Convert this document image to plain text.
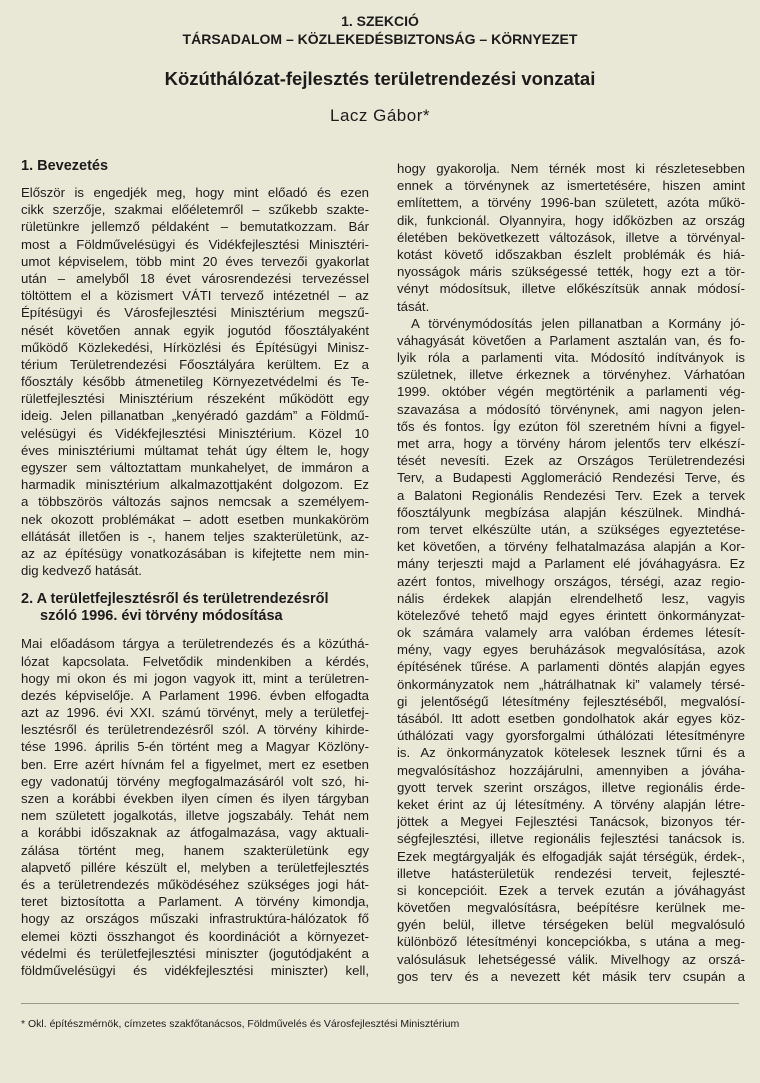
1. SZEKCIÓ
TÁRSADALOM – KÖZLEKEDÉSBIZTONSÁG – KÖRNYEZET
Közúthálózat-fejlesztés területrendezési vonzatai
Lacz Gábor*
1. Bevezetés
Először is engedjék meg, hogy mint előadó és ezen
cikk szerzője, szakmai előéletemről – szűkebb szakte-
rületünkre jellemző példaként – bemutatkozzam. Bár
most a Földművelésügyi és Vidékfejlesztési Minisztéri-
umot képviselem, több mint 20 éves tervezői gyakorlat
után – amelyből 18 évet városrendezési tervezéssel
töltöttem el a közismert VÁTI tervező intézetnél – az
Építésügyi és Városfejlesztési Minisztérium megszű-
nését követően annak egyik jogutód főosztályaként
működő Közlekedési, Hírközlési és Építésügyi Minisz-
térium Területrendezési Főosztályára kerültem. Ez a
főosztály később átmenetileg Környezetvédelmi és Te-
rületfejlesztési Minisztérium részeként működött egy
ideig. Jelen pillanatban „kenyéradó gazdám” a Földmű-
velésügyi és Vidékfejlesztési Minisztérium. Közel 10
éves minisztériumi múltamat tehát úgy éltem le, hogy
egyszer sem változtattam munkahelyet, de immáron a
harmadik minisztérium alkalmazottjaként dolgozom. Ez
a többszörös változás sajnos nemcsak a személyem-
nek okozott problémákat – adott esetben munkaköröm
ellátását illetően is -, hanem teljes szakterületünk, az-
az az építésügy vonatkozásában is kifejtette nem min-
dig kedvező hatását.
2. A területfejlesztésről és területrendezésről
szóló 1996. évi törvény módosítása
Mai előadásom tárgya a területrendezés és a közúthá-
lózat kapcsolata. Felvetődik mindenkiben a kérdés,
hogy mi okon és mi jogon vagyok itt, mint a területren-
dezés képviselője. A Parlament 1996. évben elfogadta
azt az 1996. évi XXI. számú törvényt, mely a területfej-
lesztésről és területrendezésről szól. A törvény kihirde-
tése 1996. április 5-én történt meg a Magyar Közlöny-
ben. Erre azért hívnám fel a figyelmet, mert ez esetben
egy vadonatúj törvény megfogalmazásáról volt szó, hi-
szen a korábbi években ilyen címen és ilyen tárgyban
nem született jogalkotás, illetve jogszabály. Tehát nem
a korábbi időszaknak az átfogalmazása, vagy aktuali-
zálása történt meg, hanem szakterületünk egy
alapvető pillére készült el, melyben a területfejlesztés
és a területrendezés működéséhez szükséges jogi hát-
teret biztosította a Parlament. A törvény kimondja,
hogy az országos műszaki infrastruktúra-hálózatok fő
elemei közti összhangot és koordinációt a környezet-
védelmi és területfejlesztési miniszter (jogutódjaként a
földművelésügyi és vidékfejlesztési miniszter) kell,
hogy gyakorolja. Nem térnék most ki részletesebben
ennek a törvénynek az ismertetésére, hiszen amint
említettem, a törvény 1996-ban született, azóta műkö-
dik, funkcionál. Olyannyira, hogy időközben az ország
életében bekövetkezett változások, illetve a törvényal-
kotást követő időszakban észlelt problémák és hiá-
nyosságok máris szükségessé tették, hogy ezt a tör-
vényt módosítsuk, illetve előkészítsük annak módosí-
tását.
A törvénymódosítás jelen pillanatban a Kormány jó-
váhagyását követően a Parlament asztalán van, és fo-
lyik róla a parlamenti vita. Módosító indítványok is
születnek, illetve érkeznek a törvényhez. Várhatóan
1999. október végén megtörténik a parlamenti vég-
szavazása a módosító törvénynek, ami nagyon jelen-
tős és fontos. Így ezúton föl szeretném hívni a figyel-
met arra, hogy a törvény három jelentős terv elkészí-
tését nevesíti. Ezek az Országos Területrendezési
Terv, a Budapesti Agglomeráció Rendezési Terve, és
a Balatoni Regionális Rendezési Terv. Ezek a tervek
főosztályunk megbízása alapján készülnek. Mindhá-
rom tervet elkészülte után, a szükséges egyeztetése-
ket követően, a törvény felhatalmazása alapján a Kor-
mány terjeszti majd a Parlament elé jóváhagyásra. Ez
azért fontos, mivelhogy országos, térségi, azaz regio-
nális érdekek alapján elrendelhető lesz, vagyis
kötelezővé tehető majd egyes érintett önkormányzat-
ok számára valamely arra valóban érdemes létesít-
mény, vagy egyes beruházások megvalósítása, azok
építésének tűrése. A parlamenti döntés alapján egyes
önkormányzatok nem „hátrálhatnak ki” valamely térsé-
gi jelentőségű létesítmény fejlesztéséből, megvalósí-
tásából. Itt adott esetben gondolhatok akár egyes köz-
úthálózati vagy gyorsforgalmi úthálózati létesítményre
is. Az önkormányzatok kötelesek lesznek tűrni és a
megvalósításhoz hozzájárulni, amennyiben a jóváha-
gyott tervek szerint országos, illetve regionális érde-
keket érint az új létesítmény. A törvény alapján létre-
jöttek a Megyei Fejlesztési Tanácsok, bizonyos tér-
ségfejlesztési, illetve regionális fejlesztési tanácsok is.
Ezek megtárgyalják és elfogadják saját térségük, érdek-,
illetve hatásterületük rendezési terveit, fejleszté-
si koncepcióit. Ezek a tervek ezután a jóváhagyást
követően megvalósításra, beépítésre kerülnek me-
gyén belül, illetve térségeken belül megvalósuló
különböző létesítményi koncepciókba, s utána a meg-
valósulásuk lehetségessé válik. Mivelhogy az orszá-
gos terv és a nevezett két másik terv csupán a
* Okl. építészmérnök, címzetes szakfőtanácsos, Földművelés és Városfejlesztési Minisztérium
